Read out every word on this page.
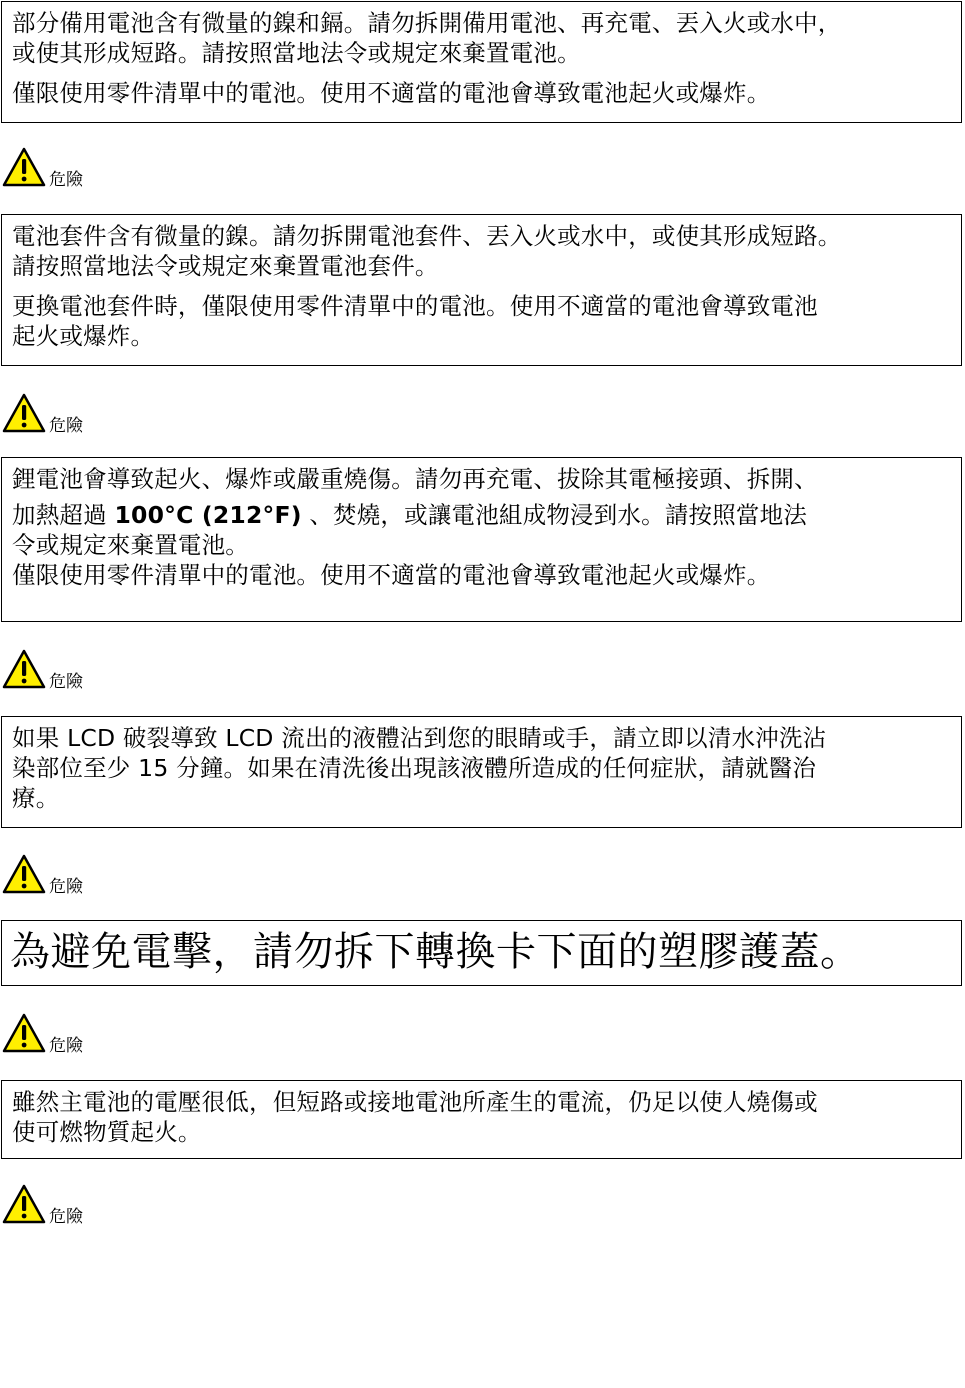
部分備用電池含有微量的鎳和鎘。請勿拆開備用電池、再充電、丟入火或水中，
或使其形成短路。請按照當地法令或規定來棄置電池。
僅限使用零件清單中的電池。使用不適當的電池會導致電池起火或爆炸。
危險
電池套件含有微量的鎳。請勿拆開電池套件、丟入火或水中，或使其形成短路。
請按照當地法令或規定來棄置電池套件。
更換電池套件時，僅限使用零件清單中的電池。使用不適當的電池會導致電池
起火或爆炸。
危險
鋰電池會導致起火、爆炸或嚴重燒傷。請勿再充電、拔除其電極接頭、拆開、
加熱超過 100°C (212°F) 、焚燒，或讓電池組成物浸到水。請按照當地法
令或規定來棄置電池。
僅限使用零件清單中的電池。使用不適當的電池會導致電池起火或爆炸。
危險
如果 LCD 破裂導致 LCD 流出的液體沾到您的眼睛或手，請立即以清水沖洗沾
染部位至少 15 分鐘。如果在清洗後出現該液體所造成的任何症狀，請就醫治
療。
危險
為避免電擊，請勿拆下轉換卡下面的塑膠護蓋。
危險
雖然主電池的電壓很低，但短路或接地電池所產生的電流，仍足以使人燒傷或
使可燃物質起火。
危險
